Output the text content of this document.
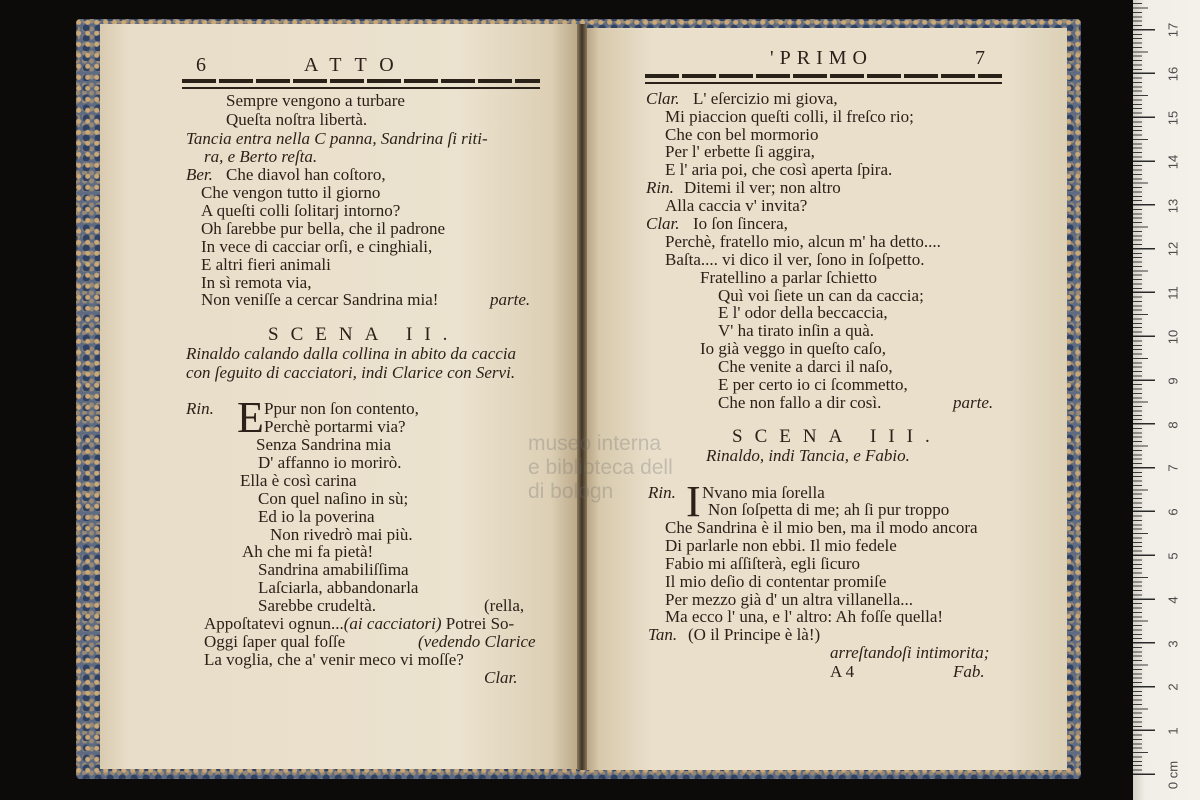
museo interna
e biblioteca dell
di bologn
6	ATTO
Sempre vengono a turbare
Queſta noſtra libertà.
Tancia entra nella C panna, Sandrina ſi riti-
ra, e Berto reſta.
Ber. Che diavol han coſtoro,
Che vengon tutto il giorno
A queſti colli ſolitarj intorno?
Oh ſarebbe pur bella, che il padrone
In vece di cacciar orſi, e cinghiali,
E altri fieri animali
In sì remota via,
Non veniſſe a cercar Sandrina mia!	parte.
SCENA II.
Rinaldo calando dalla collina in abito da caccia
con ſeguito di cacciatori, indi Clarice con Servi.
Rin. E Ppur non ſon contento,
Perchè portarmi via?
Senza Sandrina mia
D' affanno io morirò.
Ella è così carina
Con quel naſino in sù;
Ed io la poverina
Non rivedrò mai più.
Ah che mi fa pietà!
Sandrina amabiliſſima
Laſciarla, abbandonarla
Sarebbe crudeltà.	(rella,
Appoſtatevi ognun...(ai cacciatori) Potrei So-
Oggi ſaper qual foſſe	(vedendo Clarice
La voglia, che a' venir meco vi moſſe?
Clar.
'PRIMO	7
Clar. L' eſercizio mi giova,
Mi piaccion queſti colli, il freſco rio;
Che con bel mormorio
Per l' erbette ſi aggira,
E l' aria poi, che così aperta ſpira.
Rin. Ditemi il ver; non altro
Alla caccia v' invita?
Clar. Io ſon ſincera,
Perchè, fratello mio, alcun m' ha detto....
Baſta.... vi dico il ver, ſono in ſoſpetto.
Fratellino a parlar ſchietto
Quì voi ſiete un can da caccia;
E l' odor della beccaccia,
V' ha tirato inſin a quà.
Io già veggo in queſto caſo,
Che venite a darci il naſo,
E per certo io ci ſcommetto,
Che non fallo a dir così.	parte.
SCENA III.
Rinaldo, indi Tancia, e Fabio.
Rin. I Nvano mia ſorella
Non ſoſpetta di me; ah ſi pur troppo
Che Sandrina è il mio ben, ma il modo ancora
Di parlarle non ebbi. Il mio fedele
Fabio mi aſſiſterà, egli ſicuro
Il mio deſio di contentar promiſe
Per mezzo già d' un altra villanella...
Ma ecco l' una, e l' altro: Ah foſſe quella!
Tan. (O il Principe è là!)
arreſtandoſi intimorita;
A 4	Fab.
0 cm
1
2
3
4
5
6
7
8
9
10
11
12
13
14
15
16
17
